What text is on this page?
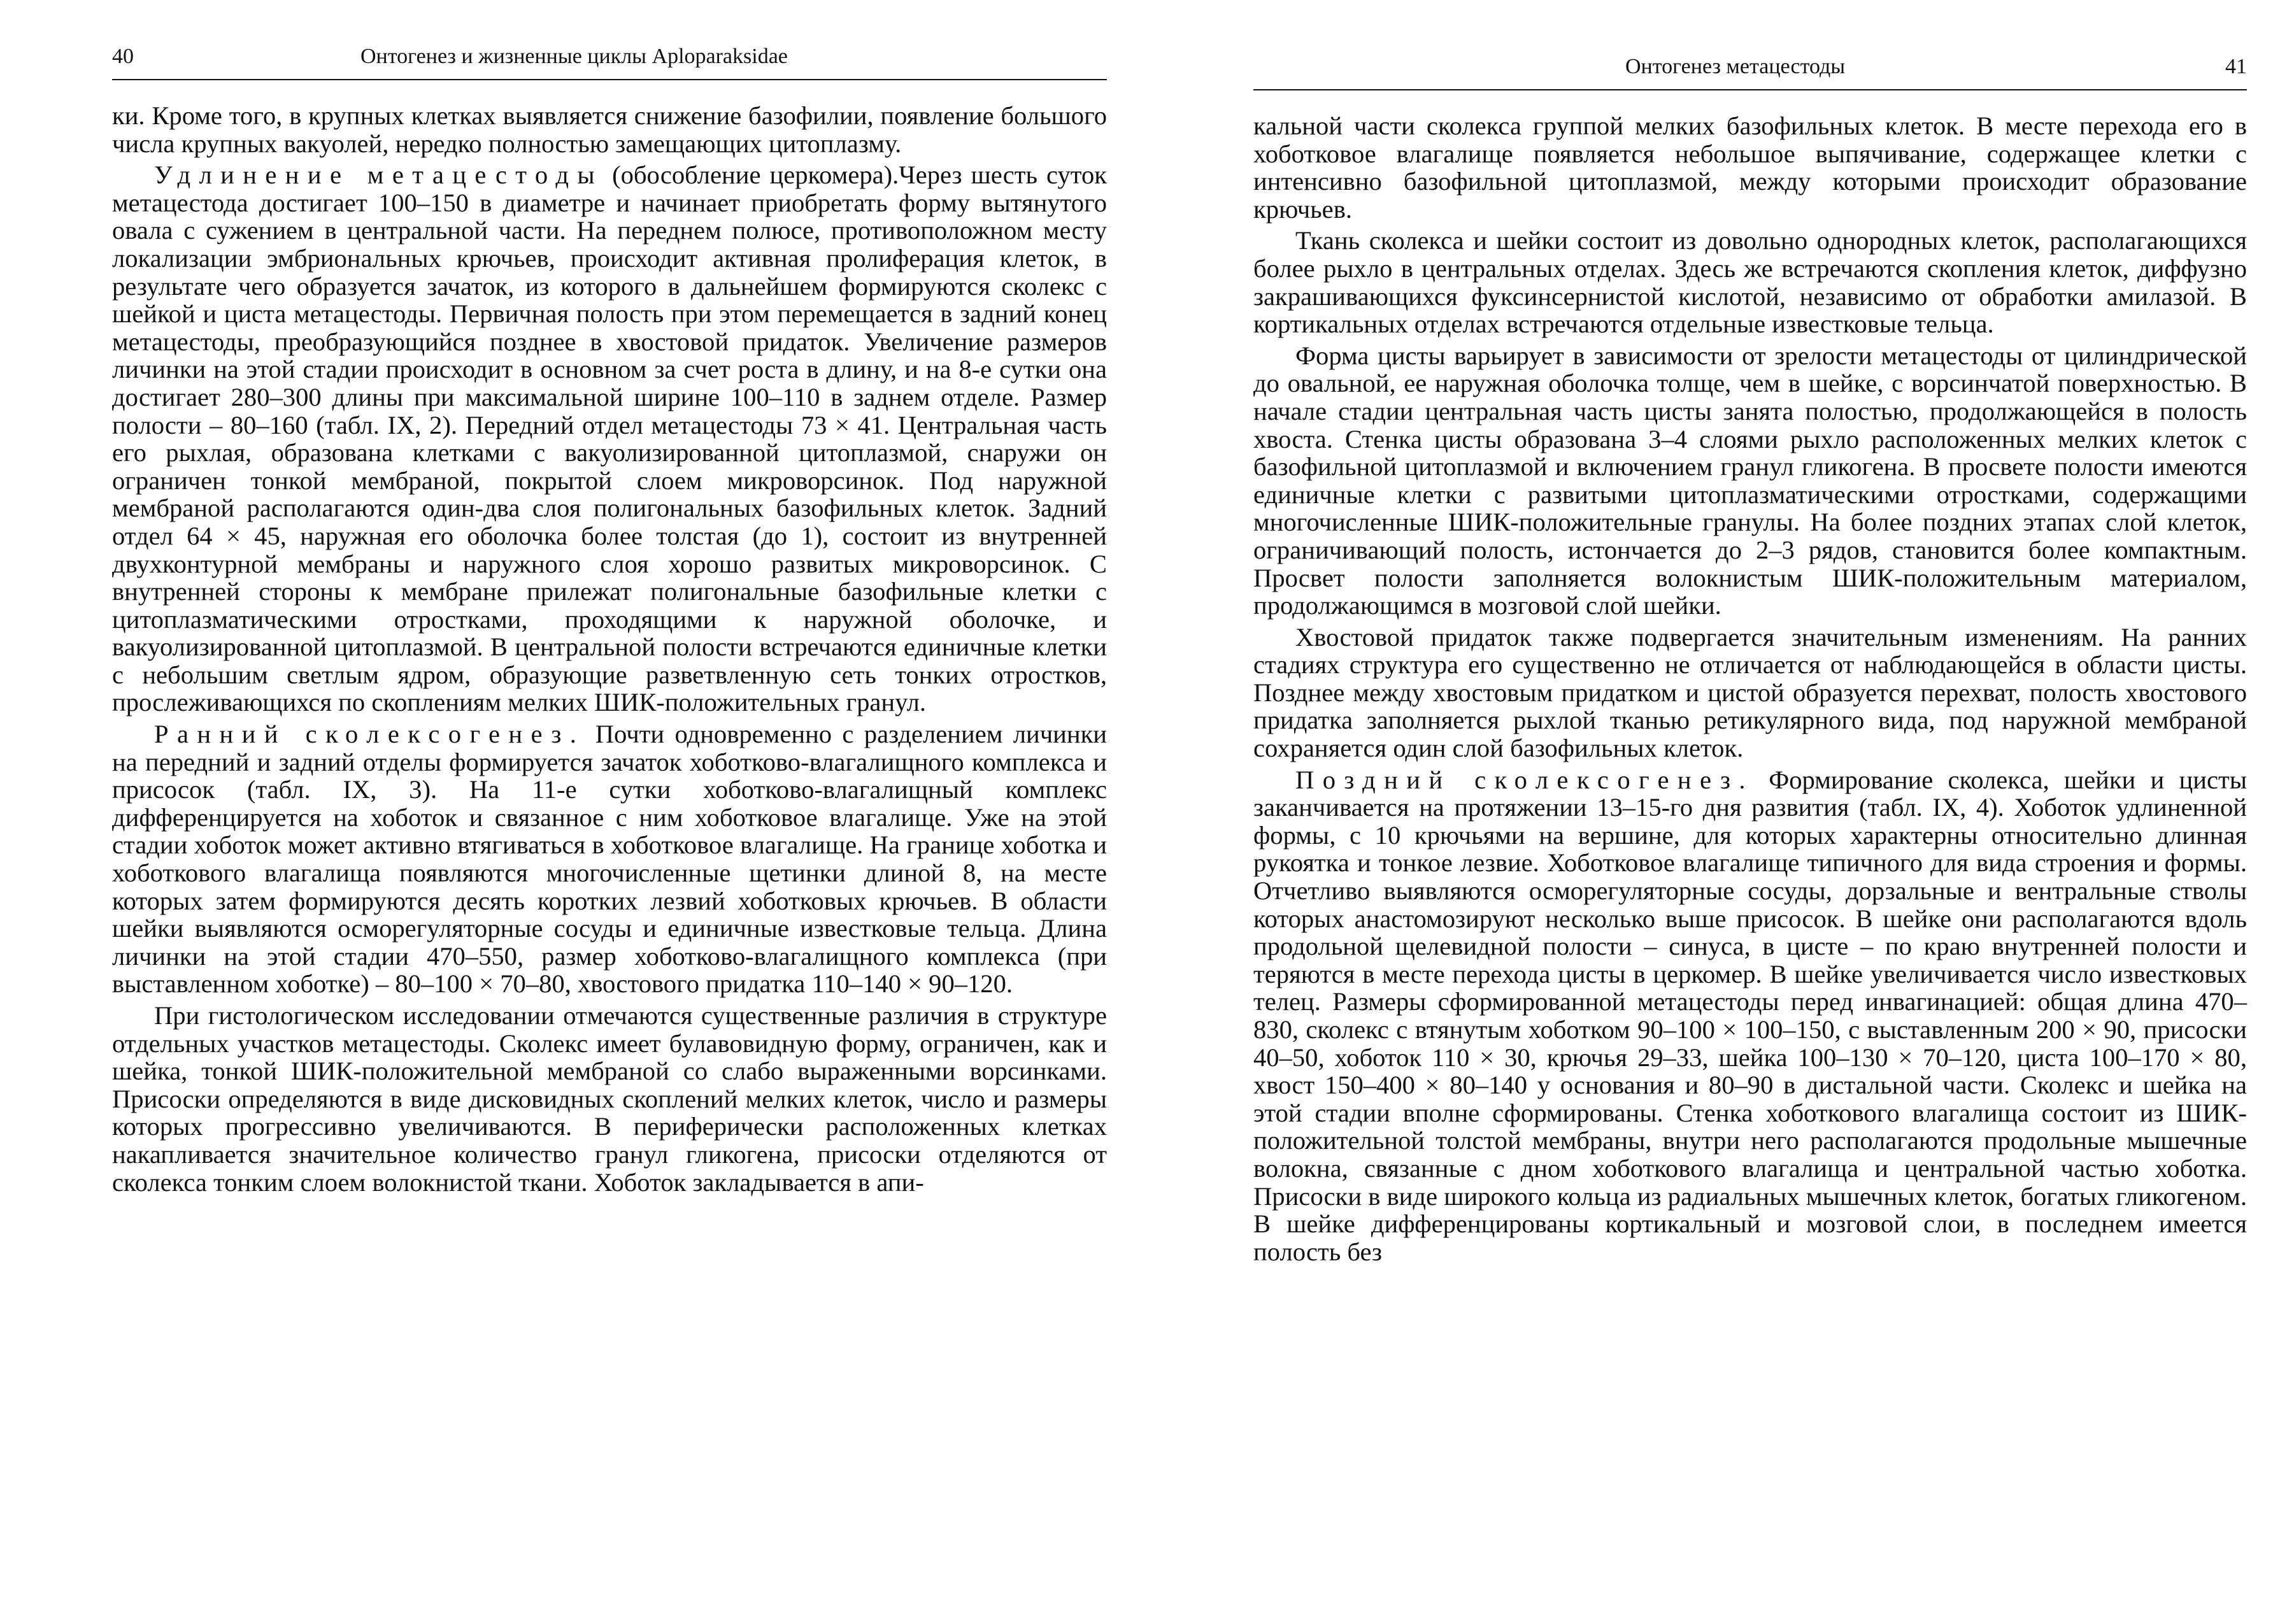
40	Онтогенез и жизненные циклы Aploparaksidae

ки. Кроме того, в крупных клетках выявляется снижение базофилии, появление большого числа крупных вакуолей, нередко полностью замещающих цитоплазму.

Удлинение метацестоды (обособление церкомера).Через шесть суток метацестода достигает 100–150 в диаметре и начинает приобретать форму вытянутого овала с сужением в центральной части. На переднем полюсе, противоположном месту локализации эмбриональных крючьев, происходит активная пролиферация клеток, в результате чего образуется зачаток, из которого в дальнейшем формируются сколекс с шейкой и циста метацестоды. Первичная полость при этом перемещается в задний конец метацестоды, преобразующийся позднее в хвостовой придаток. Увеличение размеров личинки на этой стадии происходит в основном за счет роста в длину, и на 8-е сутки она достигает 280–300 длины при максимальной ширине 100–110 в заднем отделе. Размер полости – 80–160 (табл. IX, 2). Передний отдел метацестоды 73 × 41. Центральная часть его рыхлая, образована клетками с вакуолизированной цитоплазмой, снаружи он ограничен тонкой мембраной, покрытой слоем микроворсинок. Под наружной мембраной располагаются один-два слоя полигональных базофильных клеток. Задний отдел 64 × 45, наружная его оболочка более толстая (до 1), состоит из внутренней двухконтурной мембраны и наружного слоя хорошо развитых микроворсинок. С внутренней стороны к мембране прилежат полигональные базофильные клетки с цитоплазматическими отростками, проходящими к наружной оболочке, и вакуолизированной цитоплазмой. В центральной полости встречаются единичные клетки с небольшим светлым ядром, образующие разветвленную сеть тонких отростков, прослеживающихся по скоплениям мелких ШИК-положительных гранул.

Ранний сколексогенез. Почти одновременно с разделением личинки на передний и задний отделы формируется зачаток хоботково-влагалищного комплекса и присосок (табл. IX, 3). На 11-е сутки хоботково-влагалищный комплекс дифференцируется на хоботок и связанное с ним хоботковое влагалище. Уже на этой стадии хоботок может активно втягиваться в хоботковое влагалище. На границе хоботка и хоботкового влагалища появляются многочисленные щетинки длиной 8, на месте которых затем формируются десять коротких лезвий хоботковых крючьев. В области шейки выявляются осморегуляторные сосуды и единичные известковые тельца. Длина личинки на этой стадии 470–550, размер хоботково-влагалищного комплекса (при выставленном хоботке) – 80–100 × 70–80, хвостового придатка 110–140 × 90–120.

При гистологическом исследовании отмечаются существенные различия в структуре отдельных участков метацестоды. Сколекс имеет булавовидную форму, ограничен, как и шейка, тонкой ШИК-положительной мембраной со слабо выраженными ворсинками. Присоски определяются в виде дисковидных скоплений мелких клеток, число и размеры которых прогрессивно увеличиваются. В периферически расположенных клетках накапливается значительное количество гранул гликогена, присоски отделяются от сколекса тонким слоем волокнистой ткани. Хоботок закладывается в апи-

Онтогенез метацестоды	41

кальной части сколекса группой мелких базофильных клеток. В месте перехода его в хоботковое влагалище появляется небольшое выпячивание, содержащее клетки с интенсивно базофильной цитоплазмой, между которыми происходит образование крючьев.

Ткань сколекса и шейки состоит из довольно однородных клеток, располагающихся более рыхло в центральных отделах. Здесь же встречаются скопления клеток, диффузно закрашивающихся фуксинсернистой кислотой, независимо от обработки амилазой. В кортикальных отделах встречаются отдельные известковые тельца.

Форма цисты варьирует в зависимости от зрелости метацестоды от цилиндрической до овальной, ее наружная оболочка толще, чем в шейке, с ворсинчатой поверхностью. В начале стадии центральная часть цисты занята полостью, продолжающейся в полость хвоста. Стенка цисты образована 3–4 слоями рыхло расположенных мелких клеток с базофильной цитоплазмой и включением гранул гликогена. В просвете полости имеются единичные клетки с развитыми цитоплазматическими отростками, содержащими многочисленные ШИК-положительные гранулы. На более поздних этапах слой клеток, ограничивающий полость, истончается до 2–3 рядов, становится более компактным. Просвет полости заполняется волокнистым ШИК-положительным материалом, продолжающимся в мозговой слой шейки.

Хвостовой придаток также подвергается значительным изменениям. На ранних стадиях структура его существенно не отличается от наблюдающейся в области цисты. Позднее между хвостовым придатком и цистой образуется перехват, полость хвостового придатка заполняется рыхлой тканью ретикулярного вида, под наружной мембраной сохраняется один слой базофильных клеток.

Поздний сколексогенез. Формирование сколекса, шейки и цисты заканчивается на протяжении 13–15-го дня развития (табл. IX, 4). Хоботок удлиненной формы, с 10 крючьями на вершине, для которых характерны относительно длинная рукоятка и тонкое лезвие. Хоботковое влагалище типичного для вида строения и формы. Отчетливо выявляются осморегуляторные сосуды, дорзальные и вентральные стволы которых анастомозируют несколько выше присосок. В шейке они располагаются вдоль продольной щелевидной полости – синуса, в цисте – по краю внутренней полости и теряются в месте перехода цисты в церкомер. В шейке увеличивается число известковых телец. Размеры сформированной метацестоды перед инвагинацией: общая длина 470–830, сколекс с втянутым хоботком 90–100 × 100–150, с выставленным 200 × 90, присоски 40–50, хоботок 110 × 30, крючья 29–33, шейка 100–130 × 70–120, циста 100–170 × 80, хвост 150–400 × 80–140 у основания и 80–90 в дистальной части. Сколекс и шейка на этой стадии вполне сформированы. Стенка хоботкового влагалища состоит из ШИК-положительной толстой мембраны, внутри него располагаются продольные мышечные волокна, связанные с дном хоботкового влагалища и центральной частью хоботка. Присоски в виде широкого кольца из радиальных мышечных клеток, богатых гликогеном. В шейке дифференцированы кортикальный и мозговой слои, в последнем имеется полость без
